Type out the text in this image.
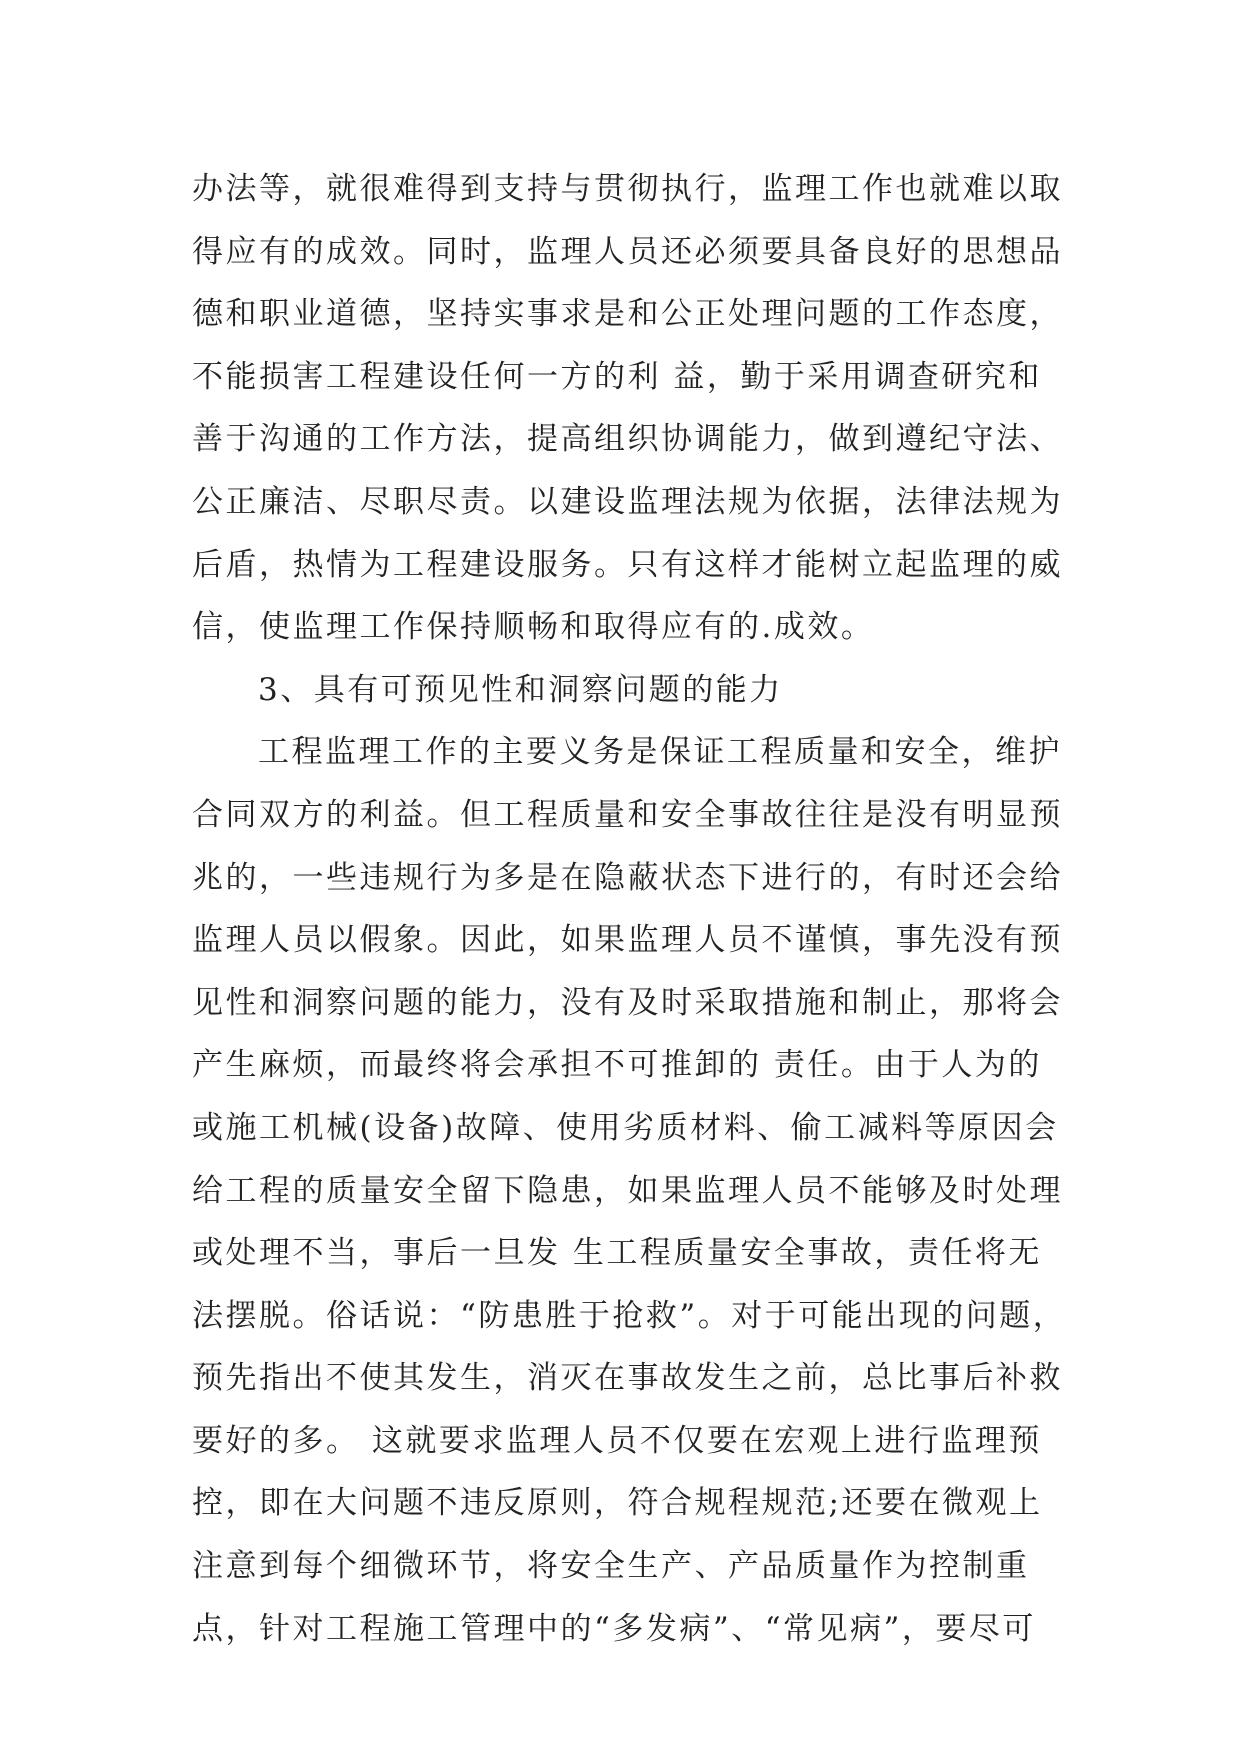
办法等，就很难得到支持与贯彻执行，监理工作也就难以取
得应有的成效。同时，监理人员还必须要具备良好的思想品
德和职业道德，坚持实事求是和公正处理问题的工作态度，
不能损害工程建设任何一方的利 益，勤于采用调查研究和
善于沟通的工作方法，提高组织协调能力，做到遵纪守法、
公正廉洁、尽职尽责。以建设监理法规为依据，法律法规为
后盾，热情为工程建设服务。只有这样才能树立起监理的威
信，使监理工作保持顺畅和取得应有的.成效。
3、具有可预见性和洞察问题的能力
工程监理工作的主要义务是保证工程质量和安全，维护
合同双方的利益。但工程质量和安全事故往往是没有明显预
兆的，一些违规行为多是在隐蔽状态下进行的，有时还会给
监理人员以假象。因此，如果监理人员不谨慎，事先没有预
见性和洞察问题的能力，没有及时采取措施和制止，那将会
产生麻烦，而最终将会承担不可推卸的 责任。由于人为的
或施工机械(设备)故障、使用劣质材料、偷工减料等原因会
给工程的质量安全留下隐患，如果监理人员不能够及时处理
或处理不当，事后一旦发 生工程质量安全事故，责任将无
法摆脱。俗话说：“防患胜于抢救”。对于可能出现的问题，
预先指出不使其发生，消灭在事故发生之前，总比事后补救
要好的多。 这就要求监理人员不仅要在宏观上进行监理预
控，即在大问题不违反原则，符合规程规范;还要在微观上
注意到每个细微环节，将安全生产、产品质量作为控制重
点，针对工程施工管理中的“多发病”、“常见病”，要尽可
